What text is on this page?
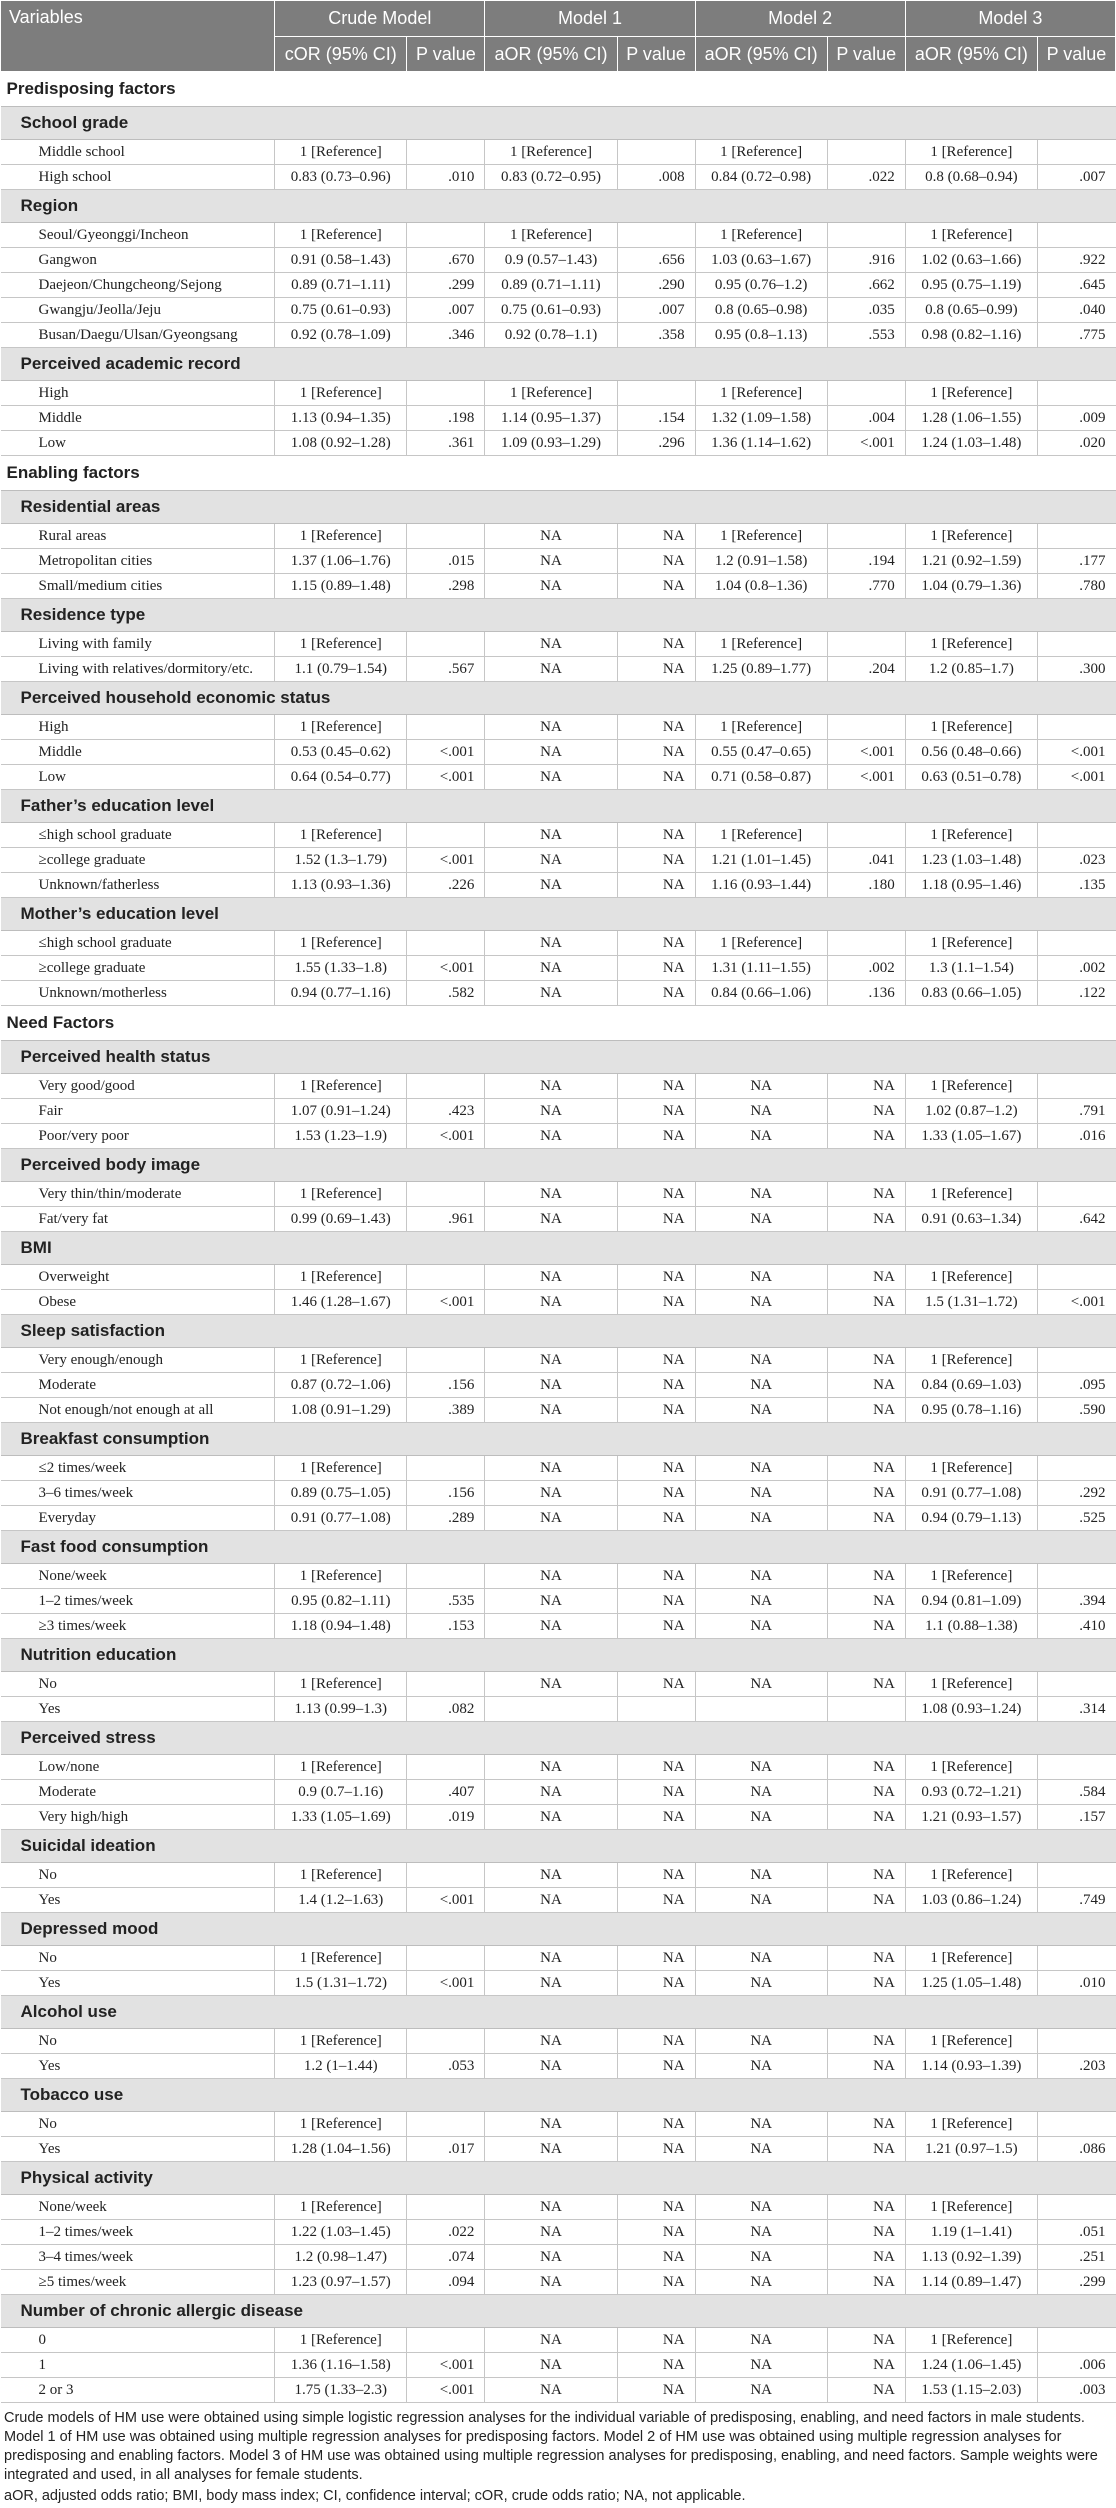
Variables	Crude Model		Model 1		Model 2		Model 3	
	cOR (95% CI)	P value	aOR (95% CI)	P value	aOR (95% CI)	P value	aOR (95% CI)	P value
Predisposing factors								
School grade								
Middle school	1 [Reference]		1 [Reference]		1 [Reference]		1 [Reference]	
High school	0.83 (0.73–0.96)	.010	0.83 (0.72–0.95)	.008	0.84 (0.72–0.98)	.022	0.8 (0.68–0.94)	.007
Region								
Seoul/Gyeonggi/Incheon	1 [Reference]		1 [Reference]		1 [Reference]		1 [Reference]	
Gangwon	0.91 (0.58–1.43)	.670	0.9 (0.57–1.43)	.656	1.03 (0.63–1.67)	.916	1.02 (0.63–1.66)	.922
Daejeon/Chungcheong/Sejong	0.89 (0.71–1.11)	.299	0.89 (0.71–1.11)	.290	0.95 (0.76–1.2)	.662	0.95 (0.75–1.19)	.645
Gwangju/Jeolla/Jeju	0.75 (0.61–0.93)	.007	0.75 (0.61–0.93)	.007	0.8 (0.65–0.98)	.035	0.8 (0.65–0.99)	.040
Busan/Daegu/Ulsan/Gyeongsang	0.92 (0.78–1.09)	.346	0.92 (0.78–1.1)	.358	0.95 (0.8–1.13)	.553	0.98 (0.82–1.16)	.775
Perceived academic record								
High	1 [Reference]		1 [Reference]		1 [Reference]		1 [Reference]	
Middle	1.13 (0.94–1.35)	.198	1.14 (0.95–1.37)	.154	1.32 (1.09–1.58)	.004	1.28 (1.06–1.55)	.009
Low	1.08 (0.92–1.28)	.361	1.09 (0.93–1.29)	.296	1.36 (1.14–1.62)	<.001	1.24 (1.03–1.48)	.020
Enabling factors								
Residential areas								
Rural areas	1 [Reference]		NA	NA	1 [Reference]		1 [Reference]	
Metropolitan cities	1.37 (1.06–1.76)	.015	NA	NA	1.2 (0.91–1.58)	.194	1.21 (0.92–1.59)	.177
Small/medium cities	1.15 (0.89–1.48)	.298	NA	NA	1.04 (0.8–1.36)	.770	1.04 (0.79–1.36)	.780
Residence type								
Living with family	1 [Reference]		NA	NA	1 [Reference]		1 [Reference]	
Living with relatives/dormitory/etc.	1.1 (0.79–1.54)	.567	NA	NA	1.25 (0.89–1.77)	.204	1.2 (0.85–1.7)	.300
Perceived household economic status								
High	1 [Reference]		NA	NA	1 [Reference]		1 [Reference]	
Middle	0.53 (0.45–0.62)	<.001	NA	NA	0.55 (0.47–0.65)	<.001	0.56 (0.48–0.66)	<.001
Low	0.64 (0.54–0.77)	<.001	NA	NA	0.71 (0.58–0.87)	<.001	0.63 (0.51–0.78)	<.001
Father’s education level								
≤high school graduate	1 [Reference]		NA	NA	1 [Reference]		1 [Reference]	
≥college graduate	1.52 (1.3–1.79)	<.001	NA	NA	1.21 (1.01–1.45)	.041	1.23 (1.03–1.48)	.023
Unknown/fatherless	1.13 (0.93–1.36)	.226	NA	NA	1.16 (0.93–1.44)	.180	1.18 (0.95–1.46)	.135
Mother’s education level								
≤high school graduate	1 [Reference]		NA	NA	1 [Reference]		1 [Reference]	
≥college graduate	1.55 (1.33–1.8)	<.001	NA	NA	1.31 (1.11–1.55)	.002	1.3 (1.1–1.54)	.002
Unknown/motherless	0.94 (0.77–1.16)	.582	NA	NA	0.84 (0.66–1.06)	.136	0.83 (0.66–1.05)	.122
Need Factors								
Perceived health status								
Very good/good	1 [Reference]		NA	NA	NA	NA	1 [Reference]	
Fair	1.07 (0.91–1.24)	.423	NA	NA	NA	NA	1.02 (0.87–1.2)	.791
Poor/very poor	1.53 (1.23–1.9)	<.001	NA	NA	NA	NA	1.33 (1.05–1.67)	.016
Perceived body image								
Very thin/thin/moderate	1 [Reference]		NA	NA	NA	NA	1 [Reference]	
Fat/very fat	0.99 (0.69–1.43)	.961	NA	NA	NA	NA	0.91 (0.63–1.34)	.642
BMI								
Overweight	1 [Reference]		NA	NA	NA	NA	1 [Reference]	
Obese	1.46 (1.28–1.67)	<.001	NA	NA	NA	NA	1.5 (1.31–1.72)	<.001
Sleep satisfaction								
Very enough/enough	1 [Reference]		NA	NA	NA	NA	1 [Reference]	
Moderate	0.87 (0.72–1.06)	.156	NA	NA	NA	NA	0.84 (0.69–1.03)	.095
Not enough/not enough at all	1.08 (0.91–1.29)	.389	NA	NA	NA	NA	0.95 (0.78–1.16)	.590
Breakfast consumption								
≤2 times/week	1 [Reference]		NA	NA	NA	NA	1 [Reference]	
3–6 times/week	0.89 (0.75–1.05)	.156	NA	NA	NA	NA	0.91 (0.77–1.08)	.292
Everyday	0.91 (0.77–1.08)	.289	NA	NA	NA	NA	0.94 (0.79–1.13)	.525
Fast food consumption								
None/week	1 [Reference]		NA	NA	NA	NA	1 [Reference]	
1–2 times/week	0.95 (0.82–1.11)	.535	NA	NA	NA	NA	0.94 (0.81–1.09)	.394
≥3 times/week	1.18 (0.94–1.48)	.153	NA	NA	NA	NA	1.1 (0.88–1.38)	.410
Nutrition education								
No	1 [Reference]		NA	NA	NA	NA	1 [Reference]	
Yes	1.13 (0.99–1.3)	.082					1.08 (0.93–1.24)	.314
Perceived stress								
Low/none	1 [Reference]		NA	NA	NA	NA	1 [Reference]	
Moderate	0.9 (0.7–1.16)	.407	NA	NA	NA	NA	0.93 (0.72–1.21)	.584
Very high/high	1.33 (1.05–1.69)	.019	NA	NA	NA	NA	1.21 (0.93–1.57)	.157
Suicidal ideation								
No	1 [Reference]		NA	NA	NA	NA	1 [Reference]	
Yes	1.4 (1.2–1.63)	<.001	NA	NA	NA	NA	1.03 (0.86–1.24)	.749
Depressed mood								
No	1 [Reference]		NA	NA	NA	NA	1 [Reference]	
Yes	1.5 (1.31–1.72)	<.001	NA	NA	NA	NA	1.25 (1.05–1.48)	.010
Alcohol use								
No	1 [Reference]		NA	NA	NA	NA	1 [Reference]	
Yes	1.2 (1–1.44)	.053	NA	NA	NA	NA	1.14 (0.93–1.39)	.203
Tobacco use								
No	1 [Reference]		NA	NA	NA	NA	1 [Reference]	
Yes	1.28 (1.04–1.56)	.017	NA	NA	NA	NA	1.21 (0.97–1.5)	.086
Physical activity								
None/week	1 [Reference]		NA	NA	NA	NA	1 [Reference]	
1–2 times/week	1.22 (1.03–1.45)	.022	NA	NA	NA	NA	1.19 (1–1.41)	.051
3–4 times/week	1.2 (0.98–1.47)	.074	NA	NA	NA	NA	1.13 (0.92–1.39)	.251
≥5 times/week	1.23 (0.97–1.57)	.094	NA	NA	NA	NA	1.14 (0.89–1.47)	.299
Number of chronic allergic disease								
0	1 [Reference]		NA	NA	NA	NA	1 [Reference]	
1	1.36 (1.16–1.58)	<.001	NA	NA	NA	NA	1.24 (1.06–1.45)	.006
2 or 3	1.75 (1.33–2.3)	<.001	NA	NA	NA	NA	1.53 (1.15–2.03)	.003

Crude models of HM use were obtained using simple logistic regression analyses for the individual variable of predisposing, enabling, and need factors in male students. Model 1 of HM use was obtained using multiple regression analyses for predisposing factors. Model 2 of HM use was obtained using multiple regression analyses for predisposing and enabling factors. Model 3 of HM use was obtained using multiple regression analyses for predisposing, enabling, and need factors. Sample weights were integrated and used, in all analyses for female students.

aOR, adjusted odds ratio; BMI, body mass index; CI, confidence interval; cOR, crude odds ratio; NA, not applicable.
